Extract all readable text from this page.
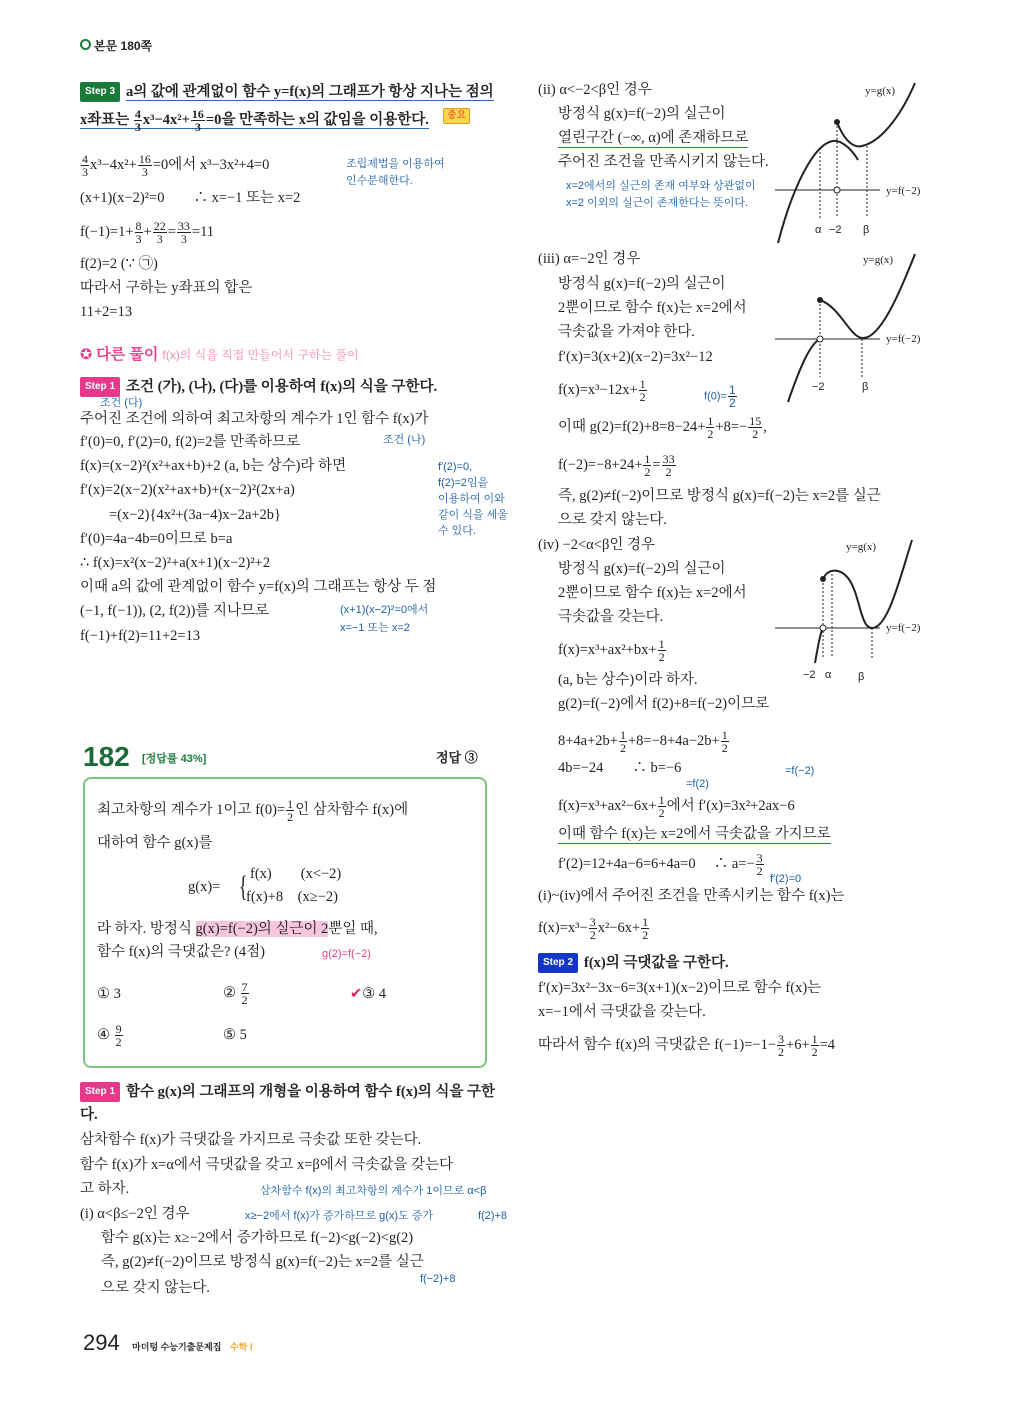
본문 180쪽
Step 3 a의 값에 관계없이 함수 y=f(x)의 그래프가 항상 지나는 점의
x좌표는 $\frac{4}{3} x^3-4x^2+ \frac{16}{3} =0$을 만족하는 x의 값임을 이용한다. 중요
$\frac{4}{3} x^3-4x^2+ \frac{16}{3} =0$에서 x³−3x²+4=0	조립제법을 이용하여
인수분해한다.
(x+1)(x−2)²=0　　∴ x=−1 또는 x=2
$f(-1)=1+ \frac{8}{3} + \frac{22}{3} = \frac{33}{3} =11$
f(2)=2 (∵ ㉠)
따라서 구하는 y좌표의 합은
11+2=13
✪ 다른 풀이 f(x)의 식을 직접 만들어서 구하는 풀이
Step 1 조건 (가), (나), (다)를 이용하여 f(x)의 식을 구한다.
조건 (다)
주어진 조건에 의하여 최고차항의 계수가 1인 함수 f(x)가
f′(0)=0, f′(2)=0, f(2)=2를 만족하므로	조건 (나)
f(x)=(x−2)²(x²+ax+b)+2 (a, b는 상수)라 하면
f′(x)=2(x−2)(x²+ax+b)+(x−2)²(2x+a)
　　=(x−2){4x²+(3a−4)x−2a+2b}
f′(0)=4a−4b=0이므로 b=a
∴ f(x)=x²(x−2)²+a(x+1)(x−2)²+2
이때 a의 값에 관계없이 함수 y=f(x)의 그래프는 항상 두 점
(−1, f(−1)), (2, f(2))를 지나므로
f(−1)+f(2)=11+2=13
f′(2)=0,
f(2)=2임을
이용하여 이와
같이 식을 세울
수 있다.
(x+1)(x−2)²=0에서
x=−1 또는 x=2
182 [정답률 43%]	정답 ③
최고차항의 계수가 1이고 $f(0)= \frac{1}{2}$ 인 삼차함수 f(x)에
대하여 함수 g(x)를
g(x)= { f(x)　　(x<−2)
f(x)+8　(x≥−2)
라 하자. 방정식 g(x)=f(−2)의 실근이 2뿐일 때,
함수 f(x)의 극댓값은? (4점)	g(2)=f(−2)
① 3	② $\frac{7}{2}$	✔③ 4
④ $\frac{9}{2}$	⑤ 5
Step 1 함수 g(x)의 그래프의 개형을 이용하여 함수 f(x)의 식을 구한
다.
삼차함수 f(x)가 극댓값을 가지므로 극솟값 또한 갖는다.
함수 f(x)가 x=α에서 극댓값을 갖고 x=β에서 극솟값을 갖는다
고 하자.	삼차함수 f(x)의 최고차항의 계수가 1이므로 α<β
(i) α<β≤−2인 경우	x≥−2에서 f(x)가 증가하므로 g(x)도 증가	f(2)+8
함수 g(x)는 x≥−2에서 증가하므로 f(−2)<g(−2)<g(2)
즉, g(2)≠f(−2)이므로 방정식 g(x)=f(−2)는 x=2를 실근
f(−2)+8
으로 갖지 않는다.
294 마더텅 수능기출문제집 수학 Ⅰ
(ii) α<−2<β인 경우
방정식 g(x)=f(−2)의 실근이
열린구간 (−∞, α)에 존재하므로
주어진 조건을 만족시키지 않는다.
x=2에서의 실근의 존재 여부와 상관없이
x=2 이외의 실근이 존재한다는 뜻이다.
(iii) α=−2인 경우
방정식 g(x)=f(−2)의 실근이
2뿐이므로 함수 f(x)는 x=2에서
극솟값을 가져야 한다.
f′(x)=3(x+2)(x−2)=3x²−12
$f(x)=x^3-12x+ \frac{1}{2}$	$f(0)= \frac{1}{2}$
이때 $g(2)=f(2)+8=8-24+ \frac{1}{2} +8=- \frac{15}{2}$ ,
$f(-2)=-8+24+ \frac{1}{2} = \frac{33}{2}$
즉, g(2)≠f(−2)이므로 방정식 g(x)=f(−2)는 x=2를 실근
으로 갖지 않는다.
(iv) −2<α<β인 경우
방정식 g(x)=f(−2)의 실근이
2뿐이므로 함수 f(x)는 x=2에서
극솟값을 갖는다.
$f(x)=x^3+ax^2+bx+ \frac{1}{2}$
(a, b는 상수)이라 하자.
g(2)=f(−2)에서 f(2)+8=f(−2)이므로
$8+4a+2b+ \frac{1}{2} +8=-8+4a-2b+ \frac{1}{2}$
4b=−24　　∴ b=−6	=f(−2)
=f(2)
$f(x)=x^3+ax^2-6x+ \frac{1}{2}$ 에서 f′(x)=3x²+2ax−6
이때 함수 f(x)는 x=2에서 극솟값을 가지므로
f′(2)=12+4a−6=6+4a=0　 ∴ $a=- \frac{3}{2}$
f′(2)=0
(i)~(iv)에서 주어진 조건을 만족시키는 함수 f(x)는
$f(x)=x^3- \frac{3}{2} x^2-6x+ \frac{1}{2}$
Step 2 f(x)의 극댓값을 구한다.
f′(x)=3x²−3x−6=3(x+1)(x−2)이므로 함수 f(x)는
x=−1에서 극댓값을 갖는다.
따라서 함수 f(x)의 극댓값은 $f(-1)=-1- \frac{3}{2} +6+ \frac{1}{2} =4$
y=g(x)
y=f(−2)
α −2 β
y=g(x)
y=f(−2)
−2	β
y=g(x)
y=f(−2)
−2 α β
